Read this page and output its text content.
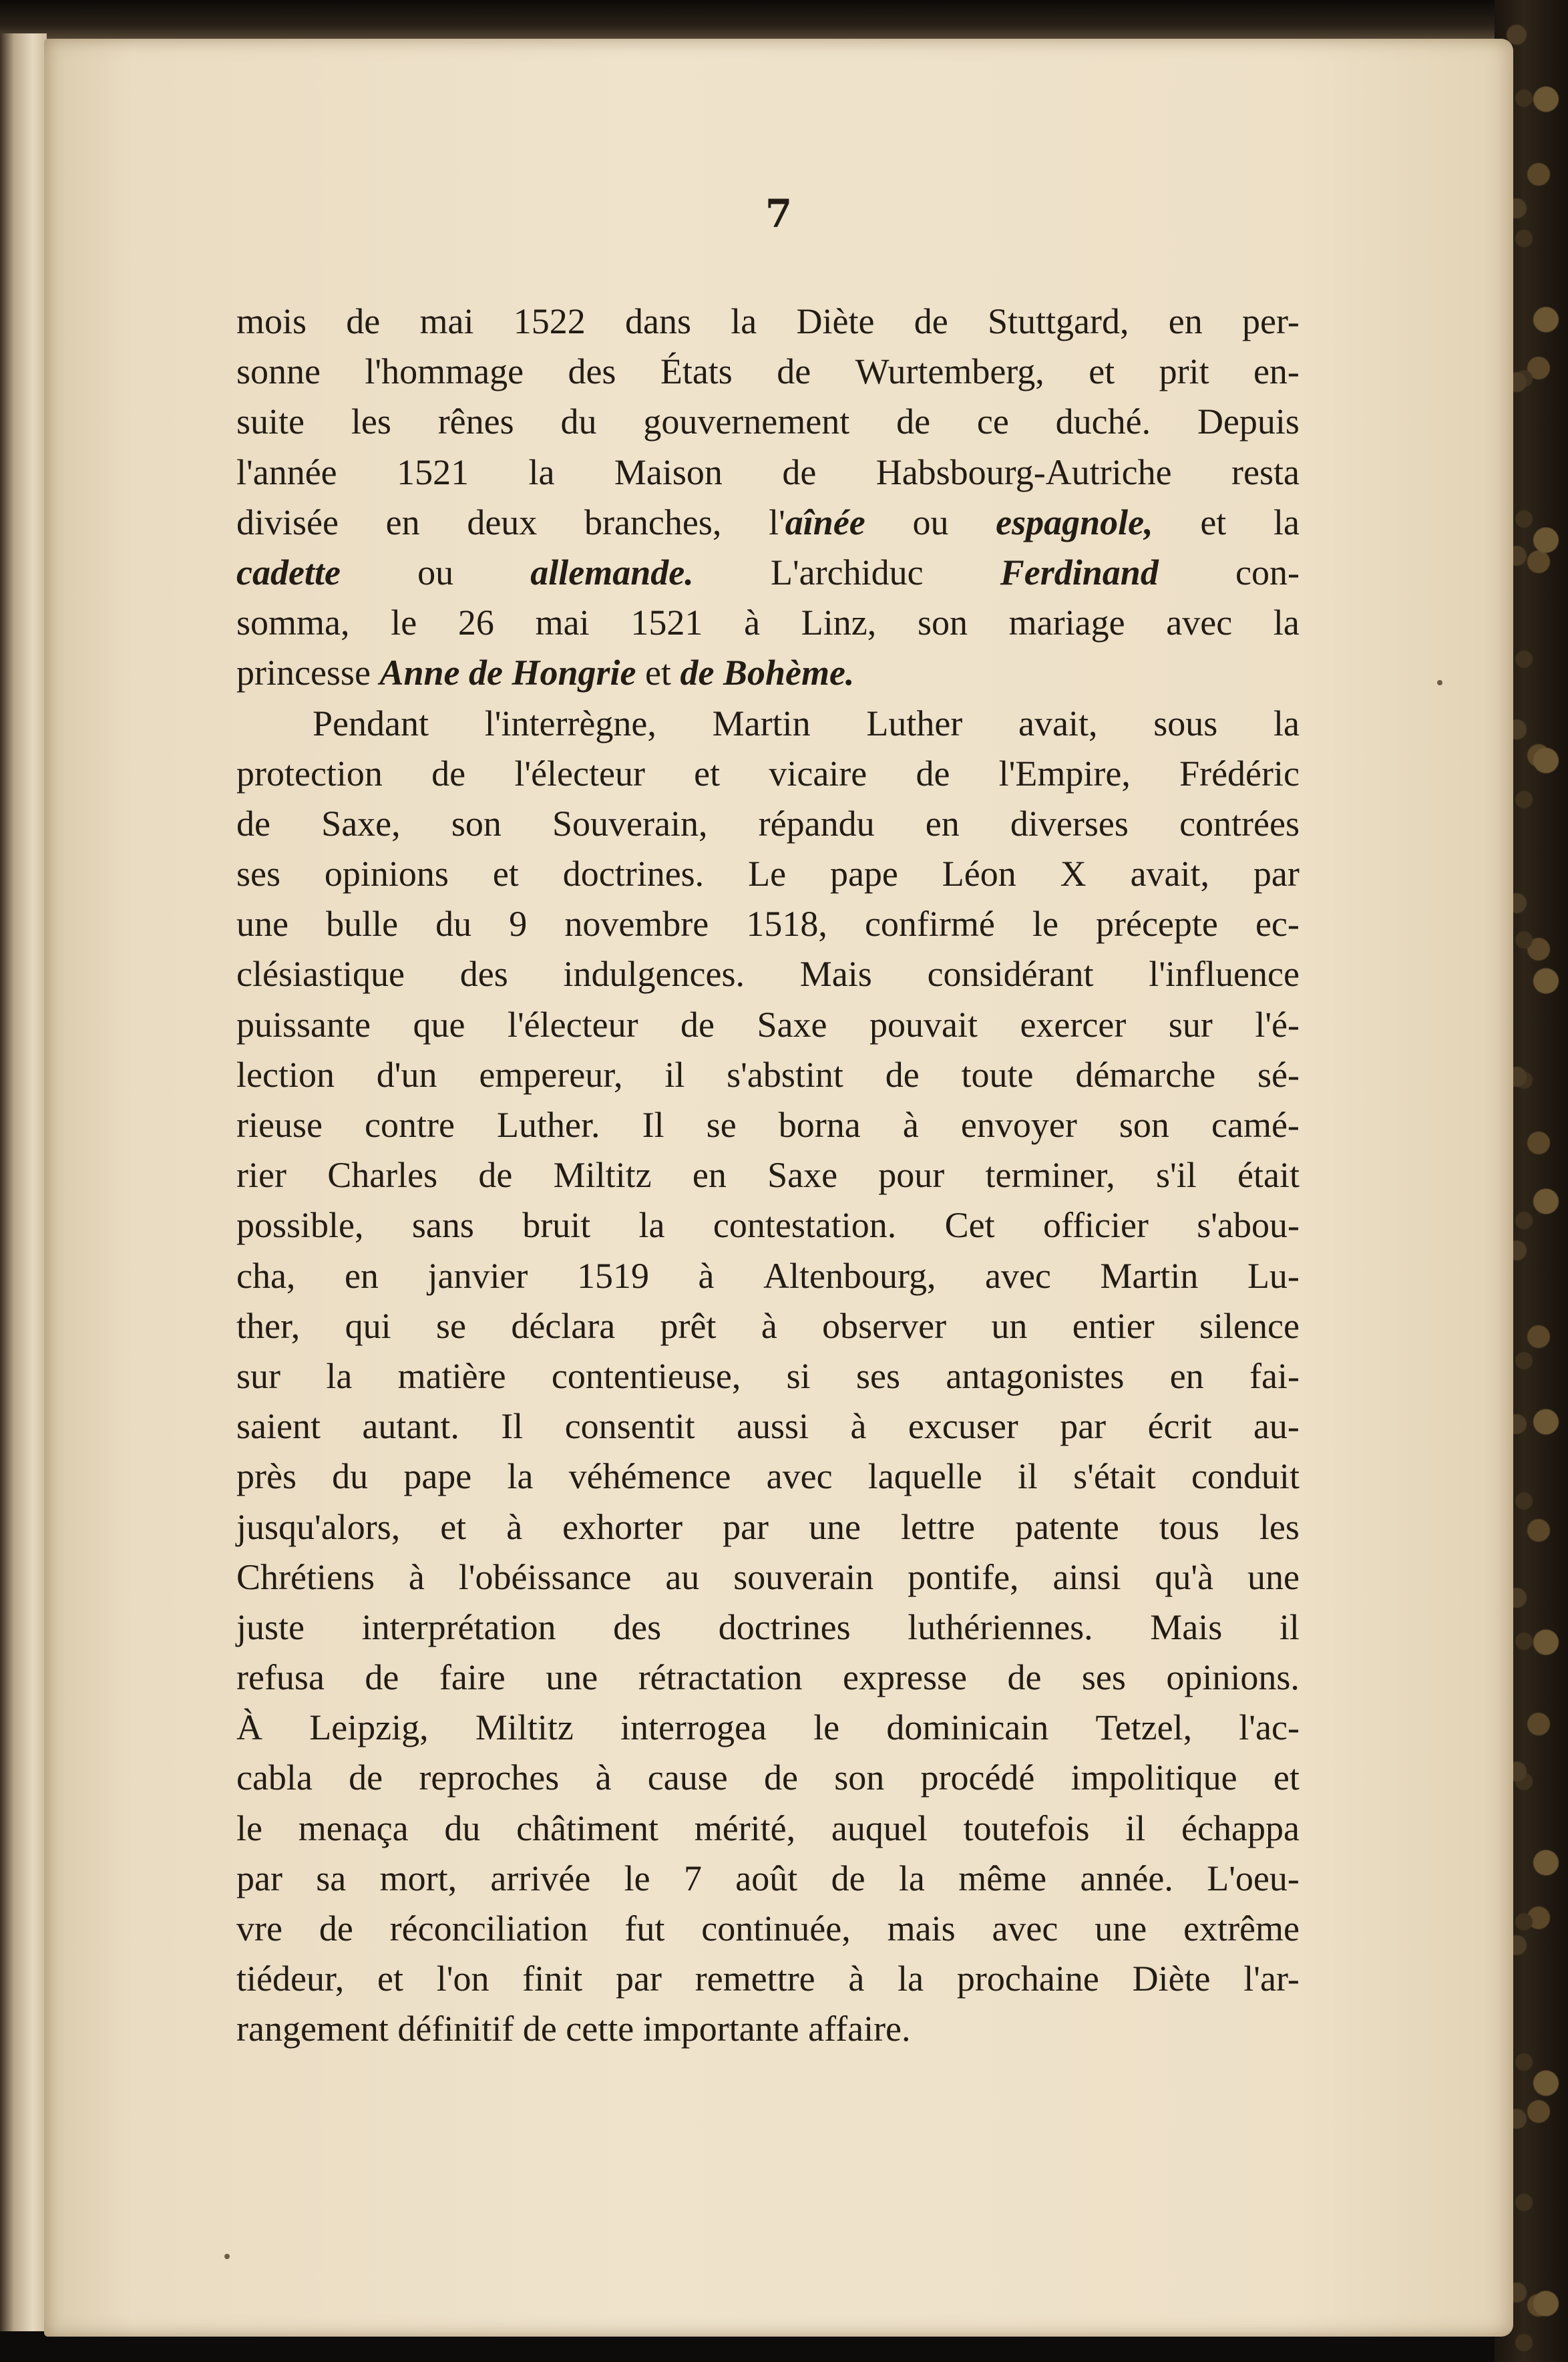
7
mois de mai 1522 dans la Diète de Stuttgard, en per-
sonne l'hommage des États de Wurtemberg, et prit en-
suite les rênes du gouvernement de ce duché. Depuis
l'année 1521 la Maison de Habsbourg-Autriche resta
divisée en deux branches, l'aînée ou espagnole, et la
cadette ou allemande. L'archiduc Ferdinand con-
somma, le 26 mai 1521 à Linz, son mariage avec la
princesse Anne de Hongrie et de Bohème.
Pendant l'interrègne, Martin Luther avait, sous la
protection de l'électeur et vicaire de l'Empire, Frédéric
de Saxe, son Souverain, répandu en diverses contrées
ses opinions et doctrines. Le pape Léon X avait, par
une bulle du 9 novembre 1518, confirmé le précepte ec-
clésiastique des indulgences. Mais considérant l'influence
puissante que l'électeur de Saxe pouvait exercer sur l'é-
lection d'un empereur, il s'abstint de toute démarche sé-
rieuse contre Luther. Il se borna à envoyer son camé-
rier Charles de Miltitz en Saxe pour terminer, s'il était
possible, sans bruit la contestation. Cet officier s'abou-
cha, en janvier 1519 à Altenbourg, avec Martin Lu-
ther, qui se déclara prêt à observer un entier silence
sur la matière contentieuse, si ses antagonistes en fai-
saient autant. Il consentit aussi à excuser par écrit au-
près du pape la véhémence avec laquelle il s'était conduit
jusqu'alors, et à exhorter par une lettre patente tous les
Chrétiens à l'obéissance au souverain pontife, ainsi qu'à une
juste interprétation des doctrines luthériennes. Mais il
refusa de faire une rétractation expresse de ses opinions.
À Leipzig, Miltitz interrogea le dominicain Tetzel, l'ac-
cabla de reproches à cause de son procédé impolitique et
le menaça du châtiment mérité, auquel toutefois il échappa
par sa mort, arrivée le 7 août de la même année. L'oeu-
vre de réconciliation fut continuée, mais avec une extrême
tiédeur, et l'on finit par remettre à la prochaine Diète l'ar-
rangement définitif de cette importante affaire.
